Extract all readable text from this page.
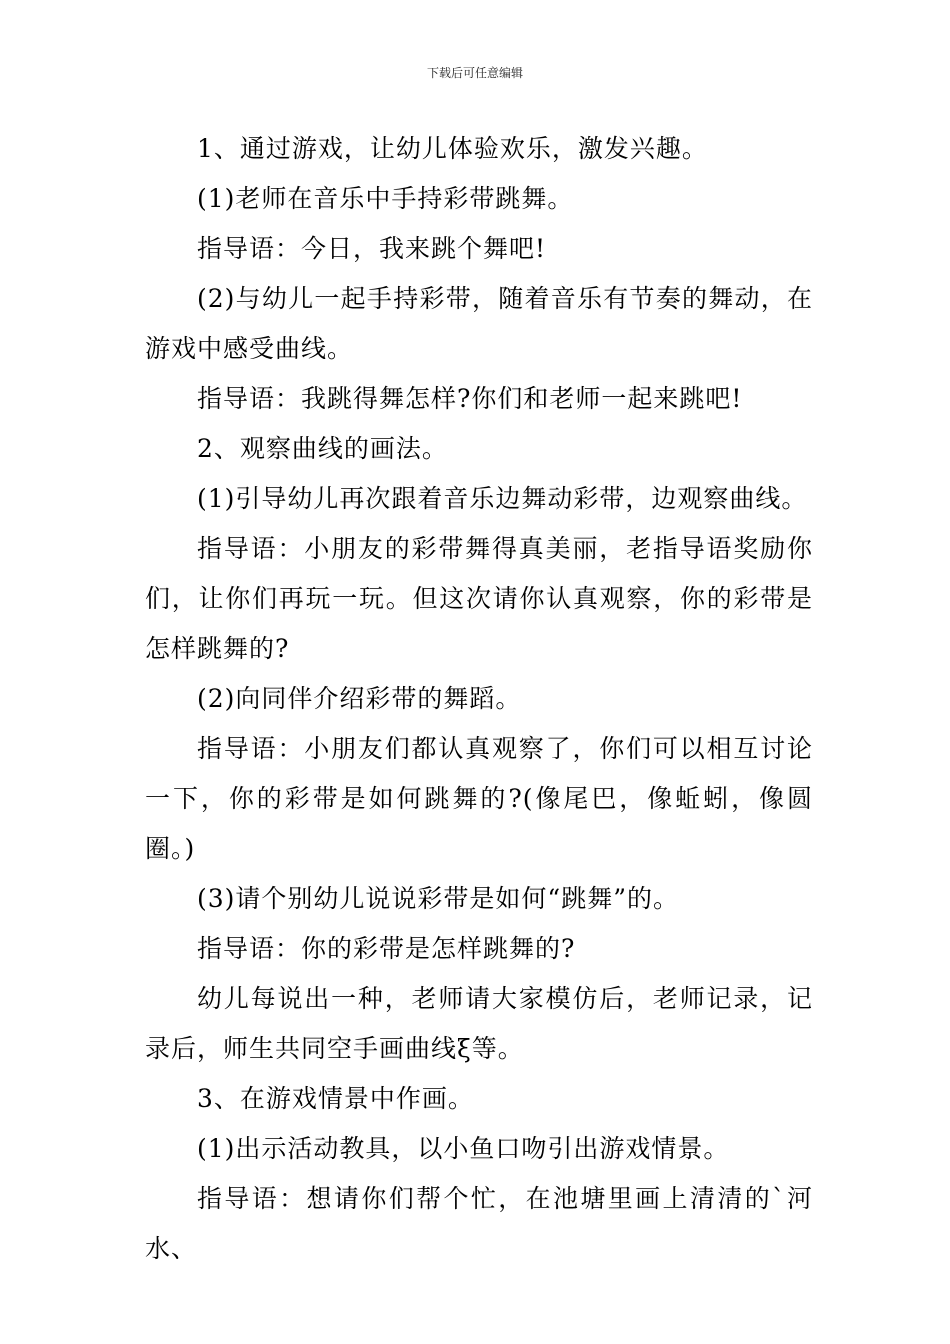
下载后可任意编辑

1、通过游戏，让幼儿体验欢乐，激发兴趣。

(1)老师在音乐中手持彩带跳舞。

指导语：今日，我来跳个舞吧!

(2)与幼儿一起手持彩带，随着音乐有节奏的舞动，在游戏中感受曲线。

指导语：我跳得舞怎样?你们和老师一起来跳吧!

2、观察曲线的画法。

(1)引导幼儿再次跟着音乐边舞动彩带，边观察曲线。

指导语：小朋友的彩带舞得真美丽，老指导语奖励你们，让你们再玩一玩。但这次请你认真观察，你的彩带是怎样跳舞的?

(2)向同伴介绍彩带的舞蹈。

指导语：小朋友们都认真观察了，你们可以相互讨论一下，你的彩带是如何跳舞的?(像尾巴，像蚯蚓，像圆圈。)

(3)请个别幼儿说说彩带是如何“跳舞”的。

指导语：你的彩带是怎样跳舞的?

幼儿每说出一种，老师请大家模仿后，老师记录，记录后，师生共同空手画曲线ξ等。

3、在游戏情景中作画。

(1)出示活动教具，以小鱼口吻引出游戏情景。

指导语：想请你们帮个忙，在池塘里画上清清的`河水、
